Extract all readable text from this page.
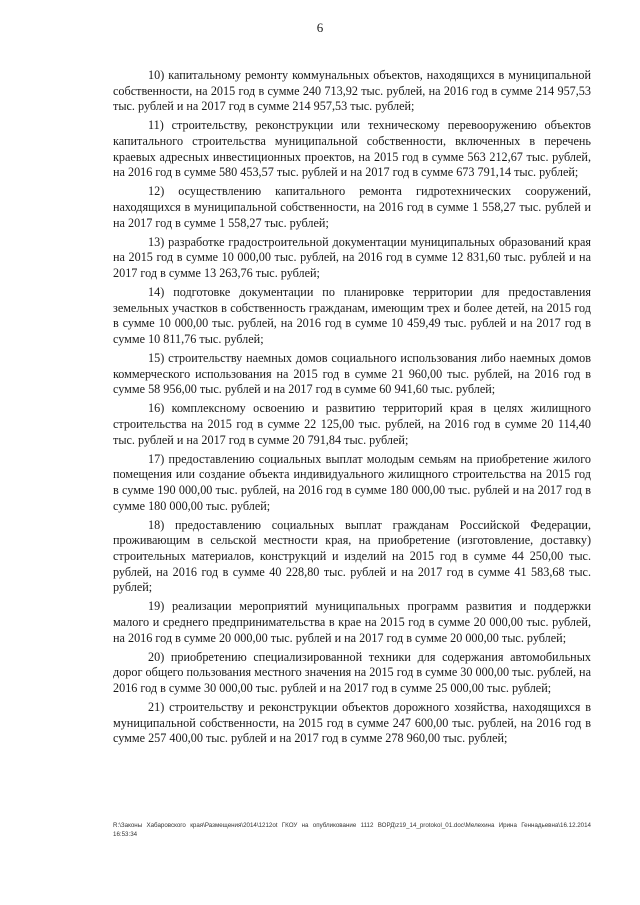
6

10) капитальному ремонту коммунальных объектов, находящихся в муниципальной собственности, на 2015 год в сумме 240 713,92 тыс. рублей, на 2016 год в сумме 214 957,53 тыс. рублей и на 2017 год в сумме 214 957,53 тыс. рублей;

11) строительству, реконструкции или техническому перевооружению объектов капитального строительства муниципальной собственности, включенных в перечень краевых адресных инвестиционных проектов, на 2015 год в сумме 563 212,67 тыс. рублей, на 2016 год в сумме 580 453,57 тыс. рублей и на 2017 год в сумме 673 791,14 тыс. рублей;

12) осуществлению капитального ремонта гидротехнических сооружений, находящихся в муниципальной собственности, на 2016 год в сумме 1 558,27 тыс. рублей и на 2017 год в сумме 1 558,27 тыс. рублей;

13) разработке градостроительной документации муниципальных образований края на 2015 год в сумме 10 000,00 тыс. рублей, на 2016 год в сумме 12 831,60 тыс. рублей и на 2017 год в сумме 13 263,76 тыс. рублей;

14) подготовке документации по планировке территории для предоставления земельных участков в собственность гражданам, имеющим трех и более детей, на 2015 год в сумме 10 000,00 тыс. рублей, на 2016 год в сумме 10 459,49 тыс. рублей и на 2017 год в сумме 10 811,76 тыс. рублей;

15) строительству наемных домов социального использования либо наемных домов коммерческого использования на 2015 год в сумме 21 960,00 тыс. рублей, на 2016 год в сумме 58 956,00 тыс. рублей и на 2017 год в сумме 60 941,60 тыс. рублей;

16) комплексному освоению и развитию территорий края в целях жилищного строительства на 2015 год в сумме 22 125,00 тыс. рублей, на 2016 год в сумме 20 114,40 тыс. рублей и на 2017 год в сумме 20 791,84 тыс. рублей;

17) предоставлению социальных выплат молодым семьям на приобретение жилого помещения или создание объекта индивидуального жилищного строительства на 2015 год в сумме 190 000,00 тыс. рублей, на 2016 год в сумме 180 000,00 тыс. рублей и на 2017 год в сумме 180 000,00 тыс. рублей;

18) предоставлению социальных выплат гражданам Российской Федерации, проживающим в сельской местности края, на приобретение (изготовление, доставку) строительных материалов, конструкций и изделий на 2015 год в сумме 44 250,00 тыс. рублей, на 2016 год в сумме 40 228,80 тыс. рублей и на 2017 год в сумме 41 583,68 тыс. рублей;

19) реализации мероприятий муниципальных программ развития и поддержки малого и среднего предпринимательства в крае на 2015 год в сумме 20 000,00 тыс. рублей, на 2016 год в сумме 20 000,00 тыс. рублей и на 2017 год в сумме 20 000,00 тыс. рублей;

20) приобретению специализированной техники для содержания автомобильных дорог общего пользования местного значения на 2015 год в сумме 30 000,00 тыс. рублей, на 2016 год в сумме 30 000,00 тыс. рублей и на 2017 год в сумме 25 000,00 тыс. рублей;

21) строительству и реконструкции объектов дорожного хозяйства, находящихся в муниципальной собственности, на 2015 год в сумме 247 600,00 тыс. рублей, на 2016 год в сумме 257 400,00 тыс. рублей и на 2017 год в сумме 278 960,00 тыс. рублей;

R:\Законы Хабаровского края\Размещения\2014\1212ot ГКОУ на опубликование 1112 ВОРД\z19_14_protokol_01.doc\Мелехина Ирина Геннадьевна\16.12.2014 16:53:34
